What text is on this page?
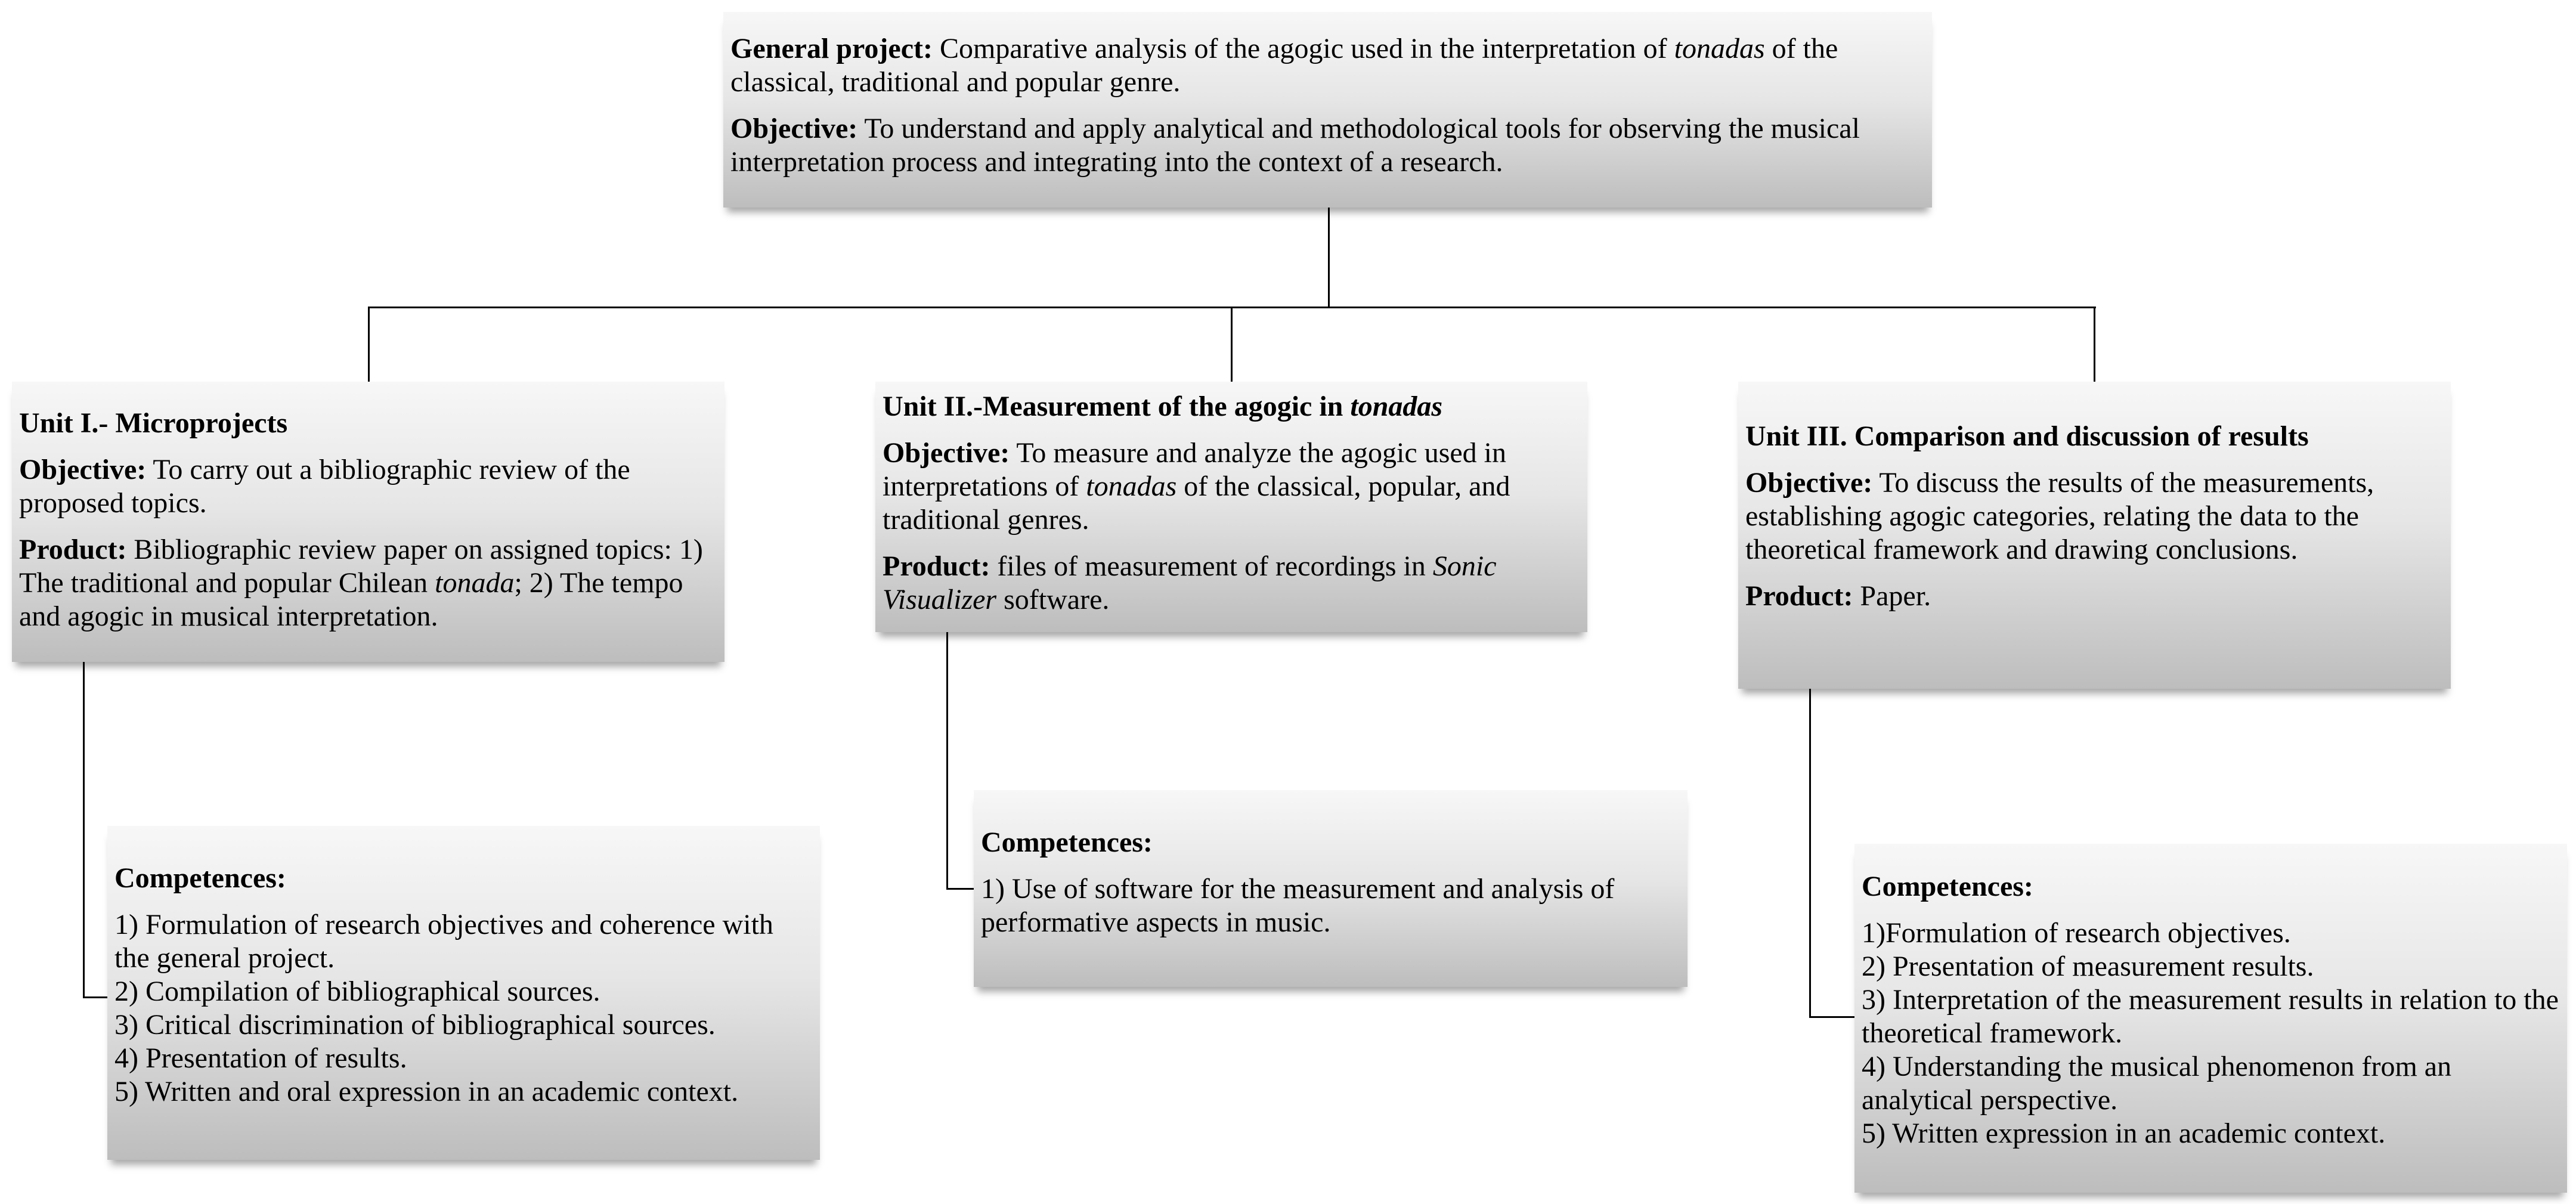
General project: Comparative analysis of the agogic used in the interpretation of tonadas of the classical, traditional and popular genre.

Objective: To understand and apply analytical and methodological tools for observing the musical interpretation process and integrating into the context of a research.

Unit I.- Microprojects

Objective: To carry out a bibliographic review of the proposed topics.

Product: Bibliographic review paper on assigned topics: 1) The traditional and popular Chilean tonada; 2) The tempo and agogic in musical interpretation.

Unit II.-Measurement of the agogic in tonadas

Objective: To measure and analyze the agogic used in interpretations of tonadas of the classical, popular, and traditional genres.

Product: files of measurement of recordings in Sonic Visualizer software.

Unit III. Comparison and discussion of results

Objective: To discuss the results of the measurements, establishing agogic categories, relating the data to the theoretical framework and drawing conclusions.

Product: Paper.

Competences:

1) Formulation of research objectives and coherence with the general project.

2) Compilation of bibliographical sources.

3) Critical discrimination of bibliographical sources.

4) Presentation of results.

5) Written and oral expression in an academic context.

Competences:

1) Use of software for the measurement and analysis of performative aspects in music.

Competences:

1)Formulation of research objectives.

2) Presentation of measurement results.

3) Interpretation of the measurement results in relation to the theoretical framework.

4) Understanding the musical phenomenon from an analytical perspective.

5) Written expression in an academic context.
